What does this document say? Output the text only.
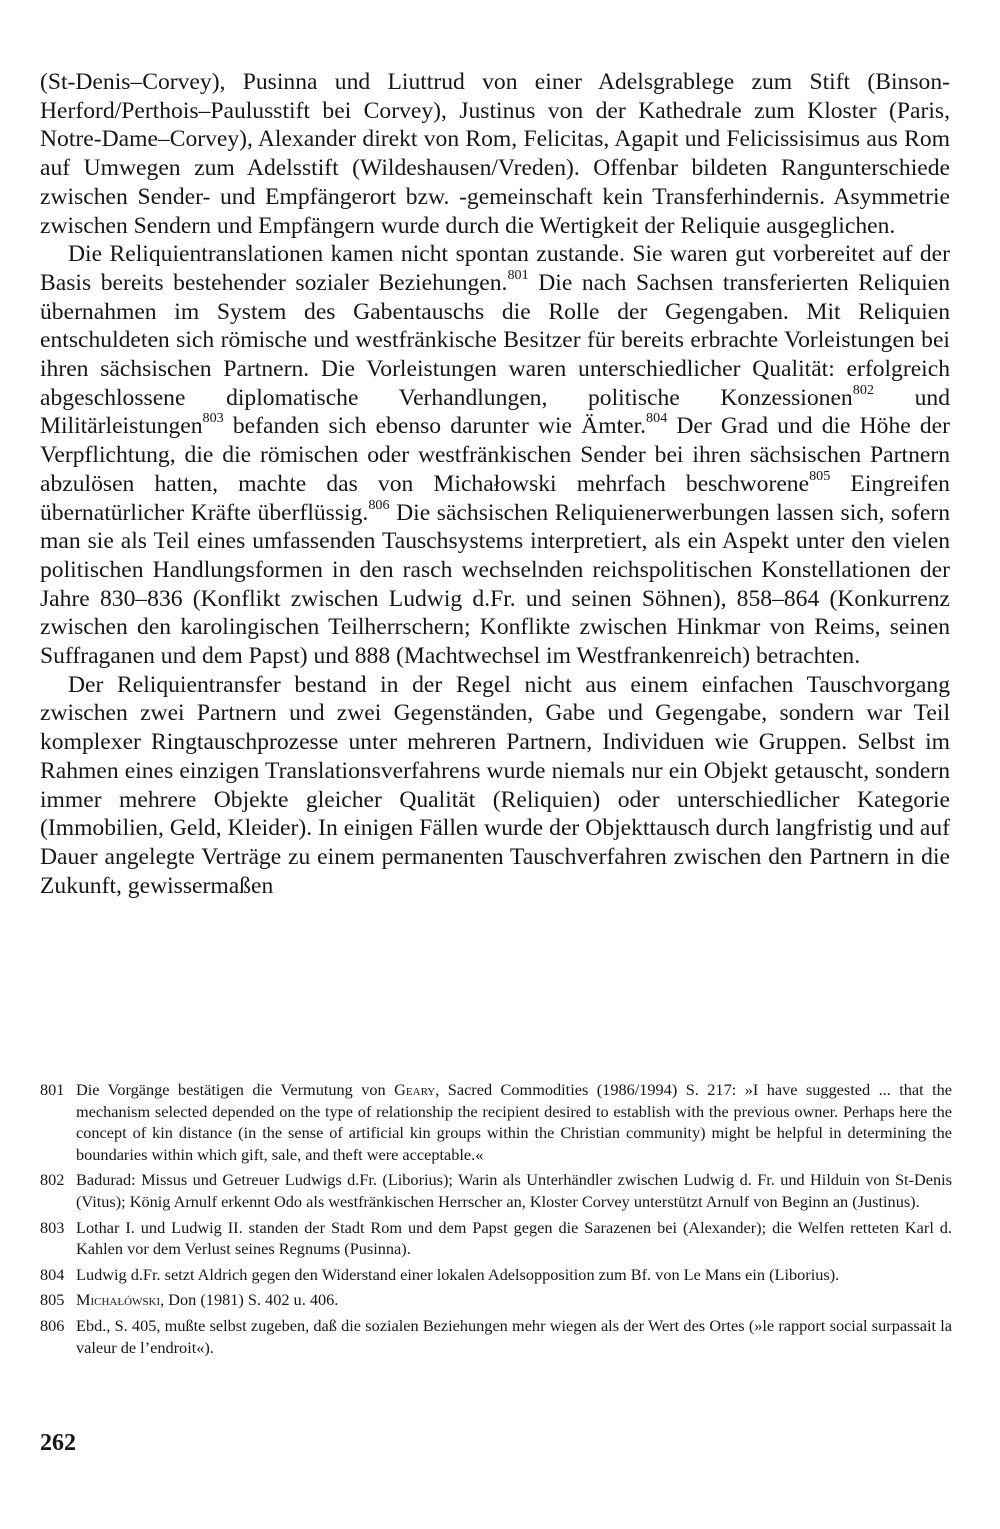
(St-Denis–Corvey), Pusinna und Liuttrud von einer Adelsgrablege zum Stift (Binson-Herford/Perthois–Paulusstift bei Corvey), Justinus von der Kathedrale zum Kloster (Paris, Notre-Dame–Corvey), Alexander direkt von Rom, Felicitas, Agapit und Felicissisimus aus Rom auf Umwegen zum Adelsstift (Wildeshausen/Vreden). Offenbar bildeten Rangunterschiede zwischen Sender- und Empfängerort bzw. -gemeinschaft kein Transferhindernis. Asymmetrie zwischen Sendern und Empfängern wurde durch die Wertigkeit der Reliquie ausgeglichen.

Die Reliquientranslationen kamen nicht spontan zustande. Sie waren gut vorbereitet auf der Basis bereits bestehender sozialer Beziehungen.$^{801}$ Die nach Sachsen transferierten Reliquien übernahmen im System des Gabentauschs die Rolle der Gegengaben. Mit Reliquien entschuldeten sich römische und westfränkische Besitzer für bereits erbrachte Vorleistungen bei ihren sächsischen Partnern. Die Vorleistungen waren unterschiedlicher Qualität: erfolgreich abgeschlossene diplomatische Verhandlungen, politische Konzessionen$^{802}$ und Militärleistungen$^{803}$ befanden sich ebenso darunter wie Ämter.$^{804}$ Der Grad und die Höhe der Verpflichtung, die die römischen oder westfränkischen Sender bei ihren sächsischen Partnern abzulösen hatten, machte das von Michałowski mehrfach beschworene$^{805}$ Eingreifen übernatürlicher Kräfte überflüssig.$^{806}$ Die sächsischen Reliquienerwerbungen lassen sich, sofern man sie als Teil eines umfassenden Tauschsystems interpretiert, als ein Aspekt unter den vielen politischen Handlungsformen in den rasch wechselnden reichspolitischen Konstellationen der Jahre 830–836 (Konflikt zwischen Ludwig d.Fr. und seinen Söhnen), 858–864 (Konkurrenz zwischen den karolingischen Teilherrschern; Konflikte zwischen Hinkmar von Reims, seinen Suffraganen und dem Papst) und 888 (Machtwechsel im Westfrankenreich) betrachten.

Der Reliquientransfer bestand in der Regel nicht aus einem einfachen Tauschvorgang zwischen zwei Partnern und zwei Gegenständen, Gabe und Gegengabe, sondern war Teil komplexer Ringtauschprozesse unter mehreren Partnern, Individuen wie Gruppen. Selbst im Rahmen eines einzigen Translationsverfahrens wurde niemals nur ein Objekt getauscht, sondern immer mehrere Objekte gleicher Qualität (Reliquien) oder unterschiedlicher Kategorie (Immobilien, Geld, Kleider). In einigen Fällen wurde der Objekttausch durch langfristig und auf Dauer angelegte Verträge zu einem permanenten Tauschverfahren zwischen den Partnern in die Zukunft, gewissermaßen

801 Die Vorgänge bestätigen die Vermutung von Geary, Sacred Commodities (1986/1994) S. 217: »I have suggested ... that the mechanism selected depended on the type of relationship the recipient desired to establish with the previous owner. Perhaps here the concept of kin distance (in the sense of artificial kin groups within the Christian community) might be helpful in determining the boundaries within which gift, sale, and theft were acceptable.«
802 Badurad: Missus und Getreuer Ludwigs d.Fr. (Liborius); Warin als Unterhändler zwischen Ludwig d. Fr. und Hilduin von St-Denis (Vitus); König Arnulf erkennt Odo als westfränkischen Herrscher an, Kloster Corvey unterstützt Arnulf von Beginn an (Justinus).
803 Lothar I. und Ludwig II. standen der Stadt Rom und dem Papst gegen die Sarazenen bei (Alexander); die Welfen retteten Karl d. Kahlen vor dem Verlust seines Regnums (Pusinna).
804 Ludwig d.Fr. setzt Aldrich gegen den Widerstand einer lokalen Adelsopposition zum Bf. von Le Mans ein (Liborius).
805 Michałówski, Don (1981) S. 402 u. 406.
806 Ebd., S. 405, mußte selbst zugeben, daß die sozialen Beziehungen mehr wiegen als der Wert des Ortes (»le rapport social surpassait la valeur de l’endroit«).
262
